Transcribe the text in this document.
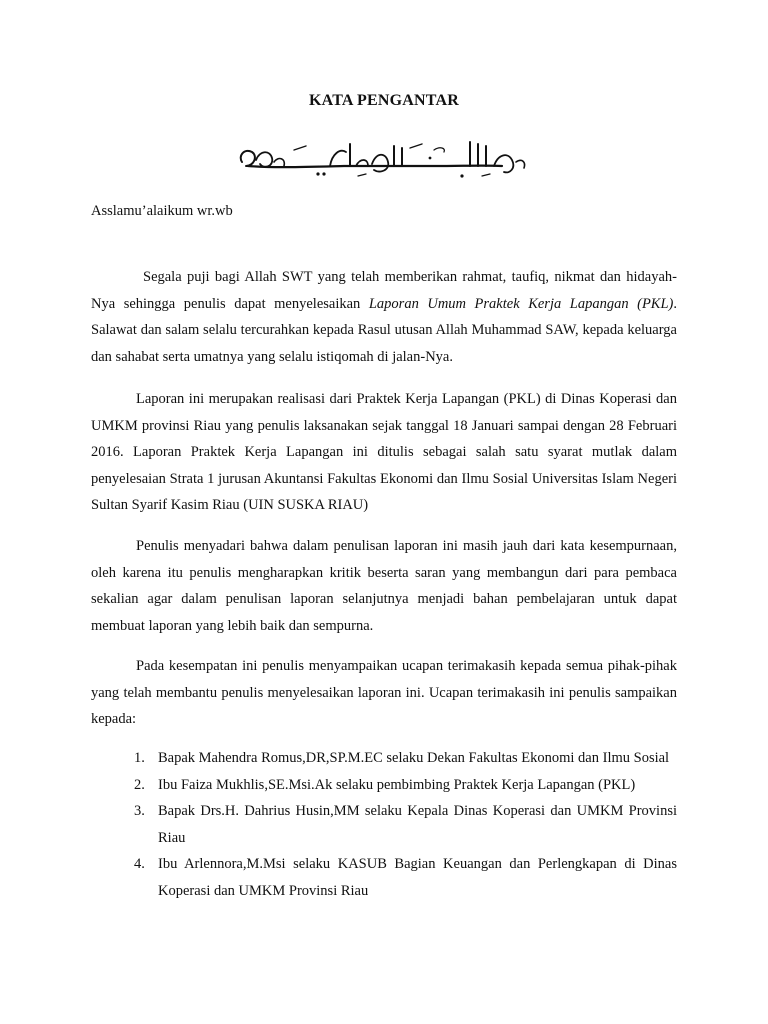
KATA PENGANTAR
Asslamu’alaikum wr.wb

Segala puji bagi Allah SWT yang telah memberikan rahmat, taufiq, nikmat dan hidayah-Nya sehingga penulis dapat menyelesaikan Laporan Umum Praktek Kerja Lapangan (PKL). Salawat dan salam selalu tercurahkan kepada Rasul utusan Allah Muhammad SAW, kepada keluarga dan sahabat serta umatnya yang selalu istiqomah di jalan-Nya.

Laporan ini merupakan realisasi dari Praktek Kerja Lapangan (PKL) di Dinas Koperasi dan UMKM provinsi Riau yang penulis laksanakan sejak tanggal 18 Januari sampai dengan 28 Februari 2016. Laporan Praktek Kerja Lapangan ini ditulis sebagai salah satu syarat mutlak dalam penyelesaian Strata 1 jurusan Akuntansi Fakultas Ekonomi dan Ilmu Sosial Universitas Islam Negeri Sultan Syarif Kasim Riau (UIN SUSKA RIAU)

Penulis menyadari bahwa dalam penulisan laporan ini masih jauh dari kata kesempurnaan, oleh karena itu penulis mengharapkan kritik beserta saran yang membangun dari para pembaca sekalian agar dalam penulisan laporan selanjutnya menjadi bahan pembelajaran untuk dapat membuat laporan yang lebih baik dan sempurna.

Pada kesempatan ini penulis menyampaikan ucapan terimakasih kepada semua pihak-pihak yang telah membantu penulis menyelesaikan laporan ini. Ucapan terimakasih ini penulis sampaikan kepada:

1. Bapak Mahendra Romus,DR,SP.M.EC selaku Dekan Fakultas Ekonomi dan Ilmu Sosial
2. Ibu Faiza Mukhlis,SE.Msi.Ak selaku pembimbing Praktek Kerja Lapangan (PKL)
3. Bapak Drs.H. Dahrius Husin,MM selaku Kepala Dinas Koperasi dan UMKM Provinsi Riau
4. Ibu Arlennora,M.Msi selaku KASUB Bagian Keuangan dan Perlengkapan di Dinas Koperasi dan UMKM Provinsi Riau
